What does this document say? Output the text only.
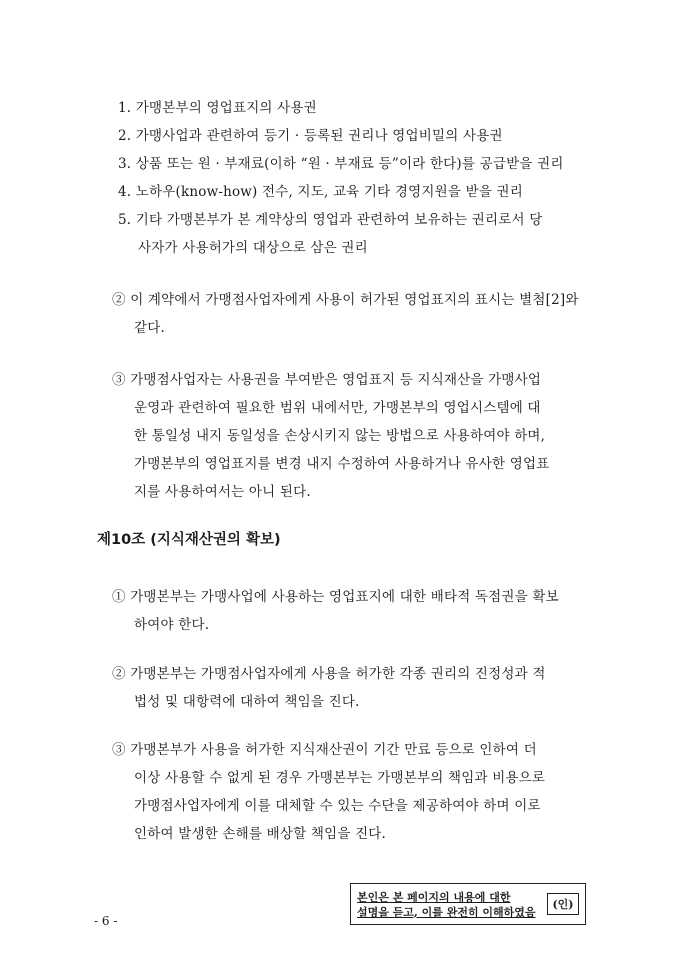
1. 가맹본부의 영업표지의 사용권
2. 가맹사업과 관련하여 등기 · 등록된 권리나 영업비밀의 사용권
3. 상품 또는 원 · 부재료(이하 “원 · 부재료 등”이라 한다)를 공급받을 권리
4. 노하우(know-how) 전수, 지도, 교육 기타 경영지원을 받을 권리
5. 기타 가맹본부가 본 계약상의 영업과 관련하여 보유하는 권리로서 당
사자가 사용허가의 대상으로 삼은 권리
② 이 계약에서 가맹점사업자에게 사용이 허가된 영업표지의 표시는 별첨[2]와
같다.
③ 가맹점사업자는 사용권을 부여받은 영업표지 등 지식재산을 가맹사업
운영과 관련하여 필요한 범위 내에서만, 가맹본부의 영업시스템에 대
한 통일성 내지 동일성을 손상시키지 않는 방법으로 사용하여야 하며,
가맹본부의 영업표지를 변경 내지 수정하여 사용하거나 유사한 영업표
지를 사용하여서는 아니 된다.
제10조 (지식재산권의 확보)
① 가맹본부는 가맹사업에 사용하는 영업표지에 대한 배타적 독점권을 확보
하여야 한다.
② 가맹본부는 가맹점사업자에게 사용을 허가한 각종 권리의 진정성과 적
법성 및 대항력에 대하여 책임을 진다.
③ 가맹본부가 사용을 허가한 지식재산권이 기간 만료 등으로 인하여 더
이상 사용할 수 없게 된 경우 가맹본부는 가맹본부의 책임과 비용으로
가맹점사업자에게 이를 대체할 수 있는 수단을 제공하여야 하며 이로
인하여 발생한 손해를 배상할 책임을 진다.
본인은 본 페이지의 내용에 대한
설명을 듣고, 이를 완전히 이해하였음
(인)
- 6 -
